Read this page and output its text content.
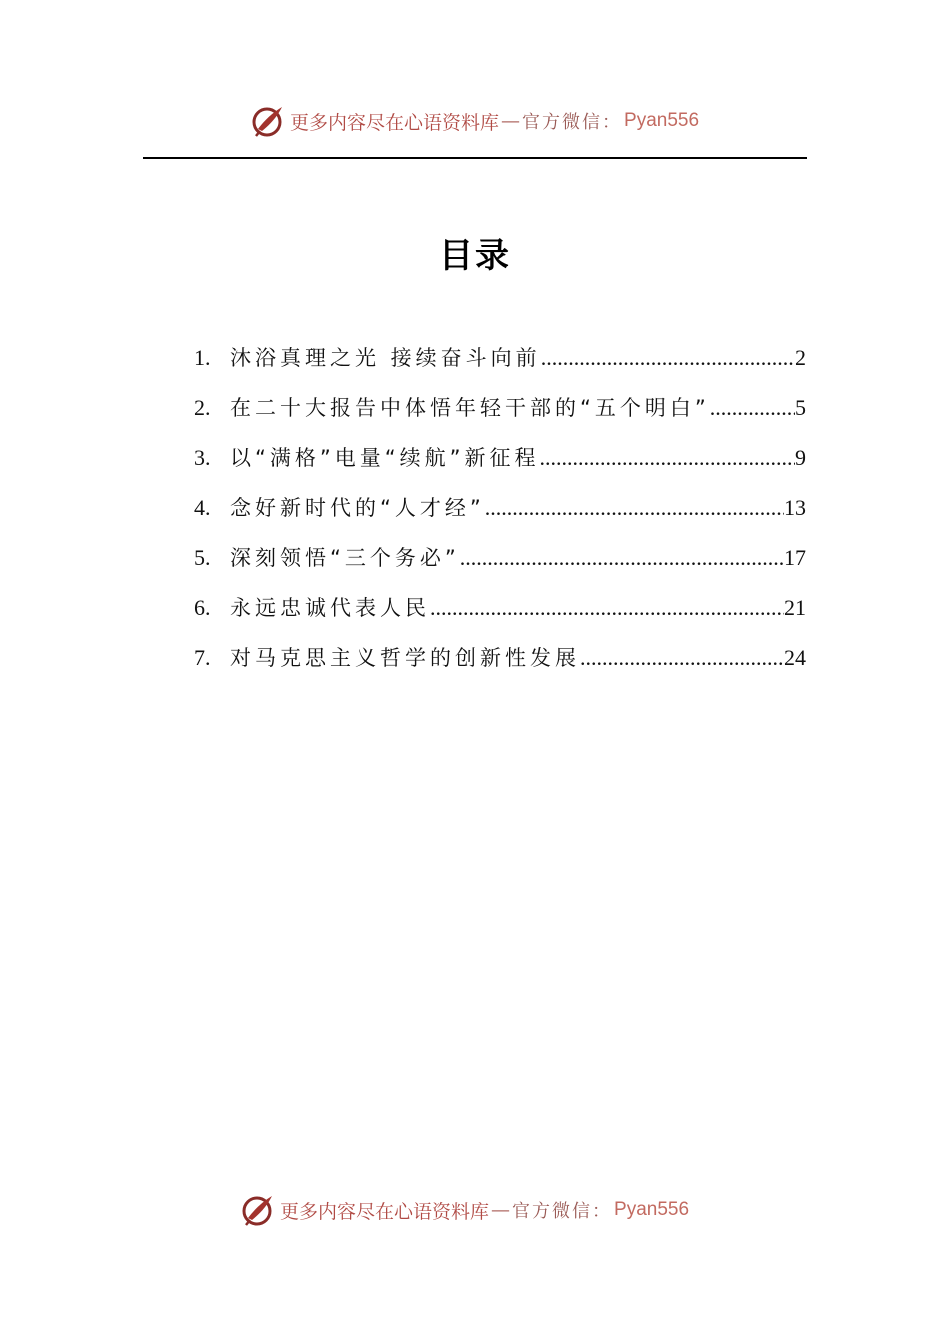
更多内容尽在心语资料库 — 官方微信： Pyan556
目录
1. 沐浴真理之光 接续奋斗向前 .....	2
2. 在二十大报告中体悟年轻干部的“五个明白” .....	5
3. 以“满格”电量“续航”新征程 .....	9
4. 念好新时代的“人才经” .....	13
5. 深刻领悟“三个务必” .....	17
6. 永远忠诚代表人民 .....	21
7. 对马克思主义哲学的创新性发展 .....	24
更多内容尽在心语资料库 — 官方微信： Pyan556
